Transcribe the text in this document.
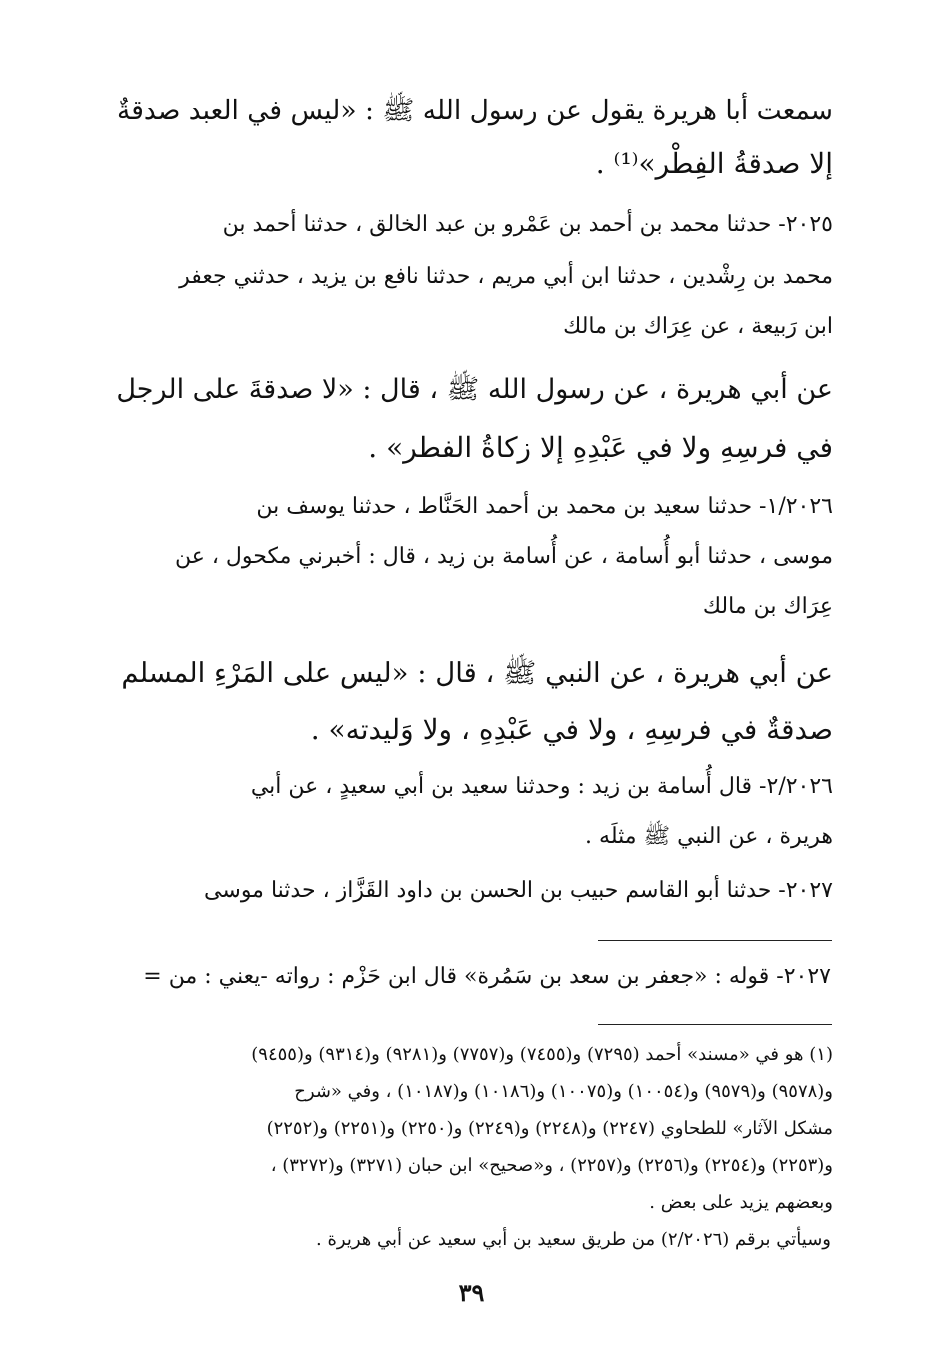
سمعت أبا هريرة يقول عن رسول الله ﷺ : «ليس في العبد صدقةٌ
إلا صدقةُ الفِطْر»⁽¹⁾ .
٢٠٢٥- حدثنا محمد بن أحمد بن عَمْرو بن عبد الخالق ، حدثنا أحمد بن
محمد بن رِشْدين ، حدثنا ابن أبي مريم ، حدثنا نافع بن يزيد ، حدثني جعفر
ابن رَبيعة ، عن عِرَاك بن مالك
عن أبي هريرة ، عن رسول الله ﷺ ، قال : «لا صدقةَ على الرجل
في فرسِهِ ولا في عَبْدِهِ إلا زكاةُ الفطر» .
١/٢٠٢٦- حدثنا سعيد بن محمد بن أحمد الحَنَّاط ، حدثنا يوسف بن
موسى ، حدثنا أبو أُسامة ، عن أُسامة بن زيد ، قال : أخبرني مكحول ، عن
عِرَاك بن مالك
عن أبي هريرة ، عن النبي ﷺ ، قال : «ليس على المَرْءِ المسلم
صدقةٌ في فرسِهِ ، ولا في عَبْدِهِ ، ولا وَليدته» .
٢/٢٠٢٦- قال أُسامة بن زيد : وحدثنا سعيد بن أبي سعيدٍ ، عن أبي
هريرة ، عن النبي ﷺ مثلَه .
٢٠٢٧- حدثنا أبو القاسم حبيب بن الحسن بن داود القَزَّاز ، حدثنا موسى
٢٠٢٧- قوله : «جعفر بن سعد بن سَمُرة» قال ابن حَزْم : رواته -يعني : من =
(١) هو في «مسند» أحمد (٧٢٩٥) و(٧٤٥٥) و(٧٧٥٧) و(٩٢٨١) و(٩٣١٤) و(٩٤٥٥)
و(٩٥٧٨) و(٩٥٧٩) و(١٠٠٥٤) و(١٠٠٧٥) و(١٠١٨٦) و(١٠١٨٧) ، وفي «شرح
مشكل الآثار» للطحاوي (٢٢٤٧) و(٢٢٤٨) و(٢٢٤٩) و(٢٢٥٠) و(٢٢٥١) و(٢٢٥٢)
و(٢٢٥٣) و(٢٢٥٤) و(٢٢٥٦) و(٢٢٥٧) ، و«صحيح» ابن حبان (٣٢٧١) و(٣٢٧٢) ،
وبعضهم يزيد على بعض .
وسيأتي برقم (٢/٢٠٢٦) من طريق سعيد بن أبي سعيد عن أبي هريرة .
٣٩
